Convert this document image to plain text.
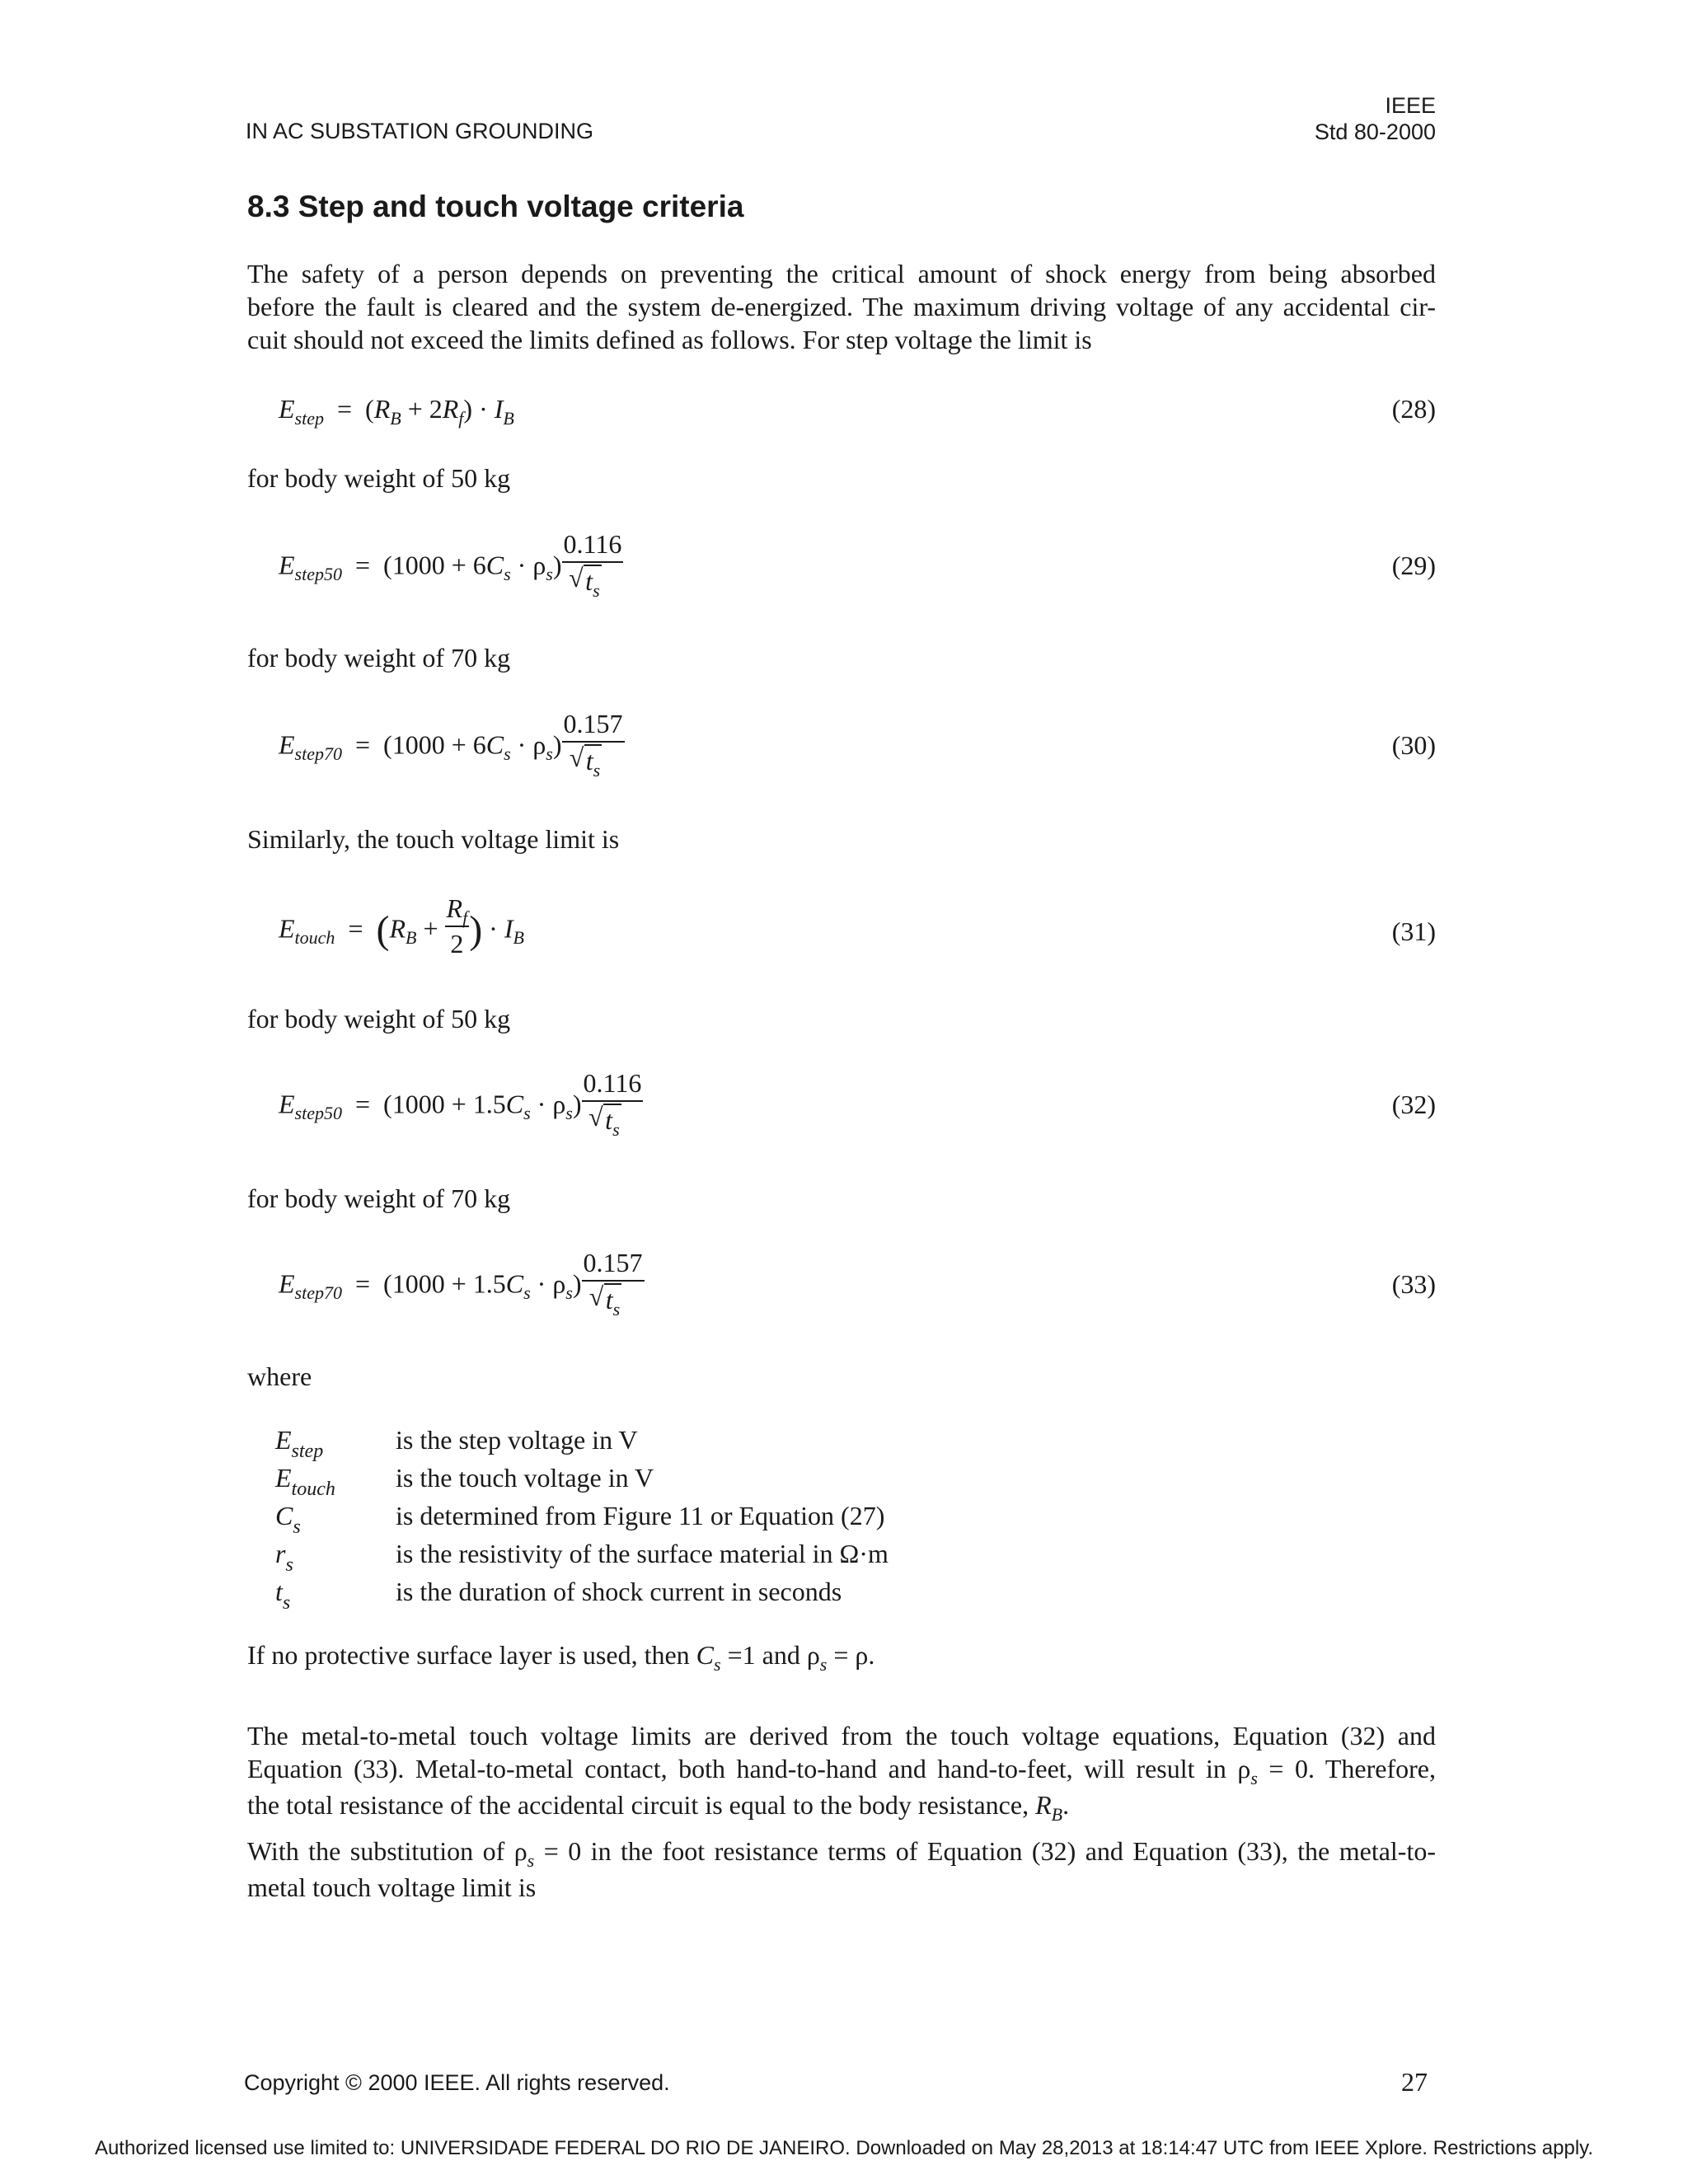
IN AC SUBSTATION GROUNDING
IEEE
Std 80-2000
8.3 Step and touch voltage criteria
The safety of a person depends on preventing the critical amount of shock energy from being absorbed
before the fault is cleared and the system de-energized. The maximum driving voltage of any accidental cir-
cuit should not exceed the limits defined as follows. For step voltage the limit is
$E_{step} = (R_B + 2R_f) \cdot I_B$	(28)
for body weight of 50 kg
$E_{step50} = (1000 + 6C_s \cdot \rho_s)$ 0.116
√ $t_s$	(29)
for body weight of 70 kg
$E_{step70} = (1000 + 6C_s \cdot \rho_s)$ 0.157
√ $t_s$	(30)
Similarly, the touch voltage limit is
$E_{touch} = (R_B + \frac{R_f}{2}$ ) · $I_B$	(31)
for body weight of 50 kg
$E_{step50} = (1000 + 1.5C_s \cdot \rho_s)$ 0.116
√ $t_s$	(32)
for body weight of 70 kg
$E_{step70} = (1000 + 1.5C_s \cdot \rho_s)$ 0.157
√ $t_s$	(33)
where
$E_{step}$	is the step voltage in V
$E_{touch}$	is the touch voltage in V
$C_s$	is determined from Figure 11 or Equation (27)
$r_s$	is the resistivity of the surface material in Ω·m
$t_s$	is the duration of shock current in seconds
If no protective surface layer is used, then $C_s =1$ and $\rho_s = \rho$.
The metal-to-metal touch voltage limits are derived from the touch voltage equations, Equation (32) and
Equation (33). Metal-to-metal contact, both hand-to-hand and hand-to-feet, will result in $\rho_s = 0$. Therefore,
the total resistance of the accidental circuit is equal to the body resistance, $R_B$.
With the substitution of $\rho_s = 0$ in the foot resistance terms of Equation (32) and Equation (33), the metal-to-
metal touch voltage limit is
Copyright © 2000 IEEE. All rights reserved.	27
Authorized licensed use limited to: UNIVERSIDADE FEDERAL DO RIO DE JANEIRO. Downloaded on May 28,2013 at 18:14:47 UTC from IEEE Xplore. Restrictions apply.
